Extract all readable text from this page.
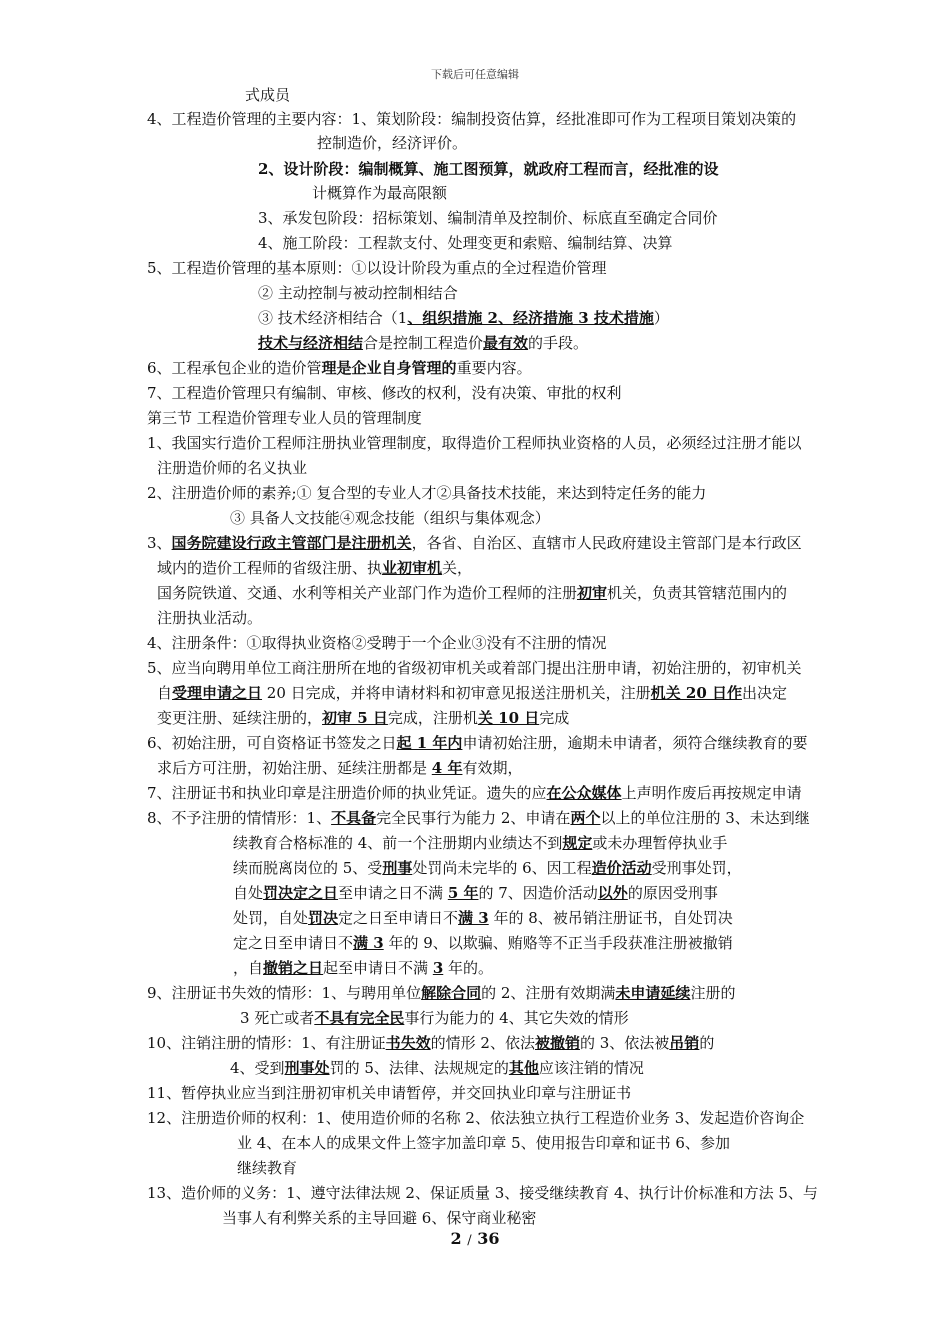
下载后可任意编辑
式成员
4、工程造价管理的主要内容：1、策划阶段：编制投资估算，经批准即可作为工程项目策划决策的
控制造价，经济评价。
2、设计阶段：编制概算、施工图预算，就政府工程而言，经批准的设
计概算作为最高限额
3、承发包阶段：招标策划、编制清单及控制价、标底直至确定合同价
4、施工阶段：工程款支付、处理变更和索赔、编制结算、决算
5、工程造价管理的基本原则：①以设计阶段为重点的全过程造价管理
② 主动控制与被动控制相结合
③ 技术经济相结合（1、组织措施 2、经济措施 3 技术措施）
技术与经济相结合是控制工程造价最有效的手段。
6、工程承包企业的造价管理是企业自身管理的重要内容。
7、工程造价管理只有编制、审核、修改的权利，没有决策、审批的权利
第三节 工程造价管理专业人员的管理制度
1、我国实行造价工程师注册执业管理制度，取得造价工程师执业资格的人员，必须经过注册才能以
注册造价师的名义执业
2、注册造价师的素养;① 复合型的专业人才②具备技术技能，来达到特定任务的能力
③ 具备人文技能④观念技能（组织与集体观念）
3、国务院建设行政主管部门是注册机关，各省、自治区、直辖市人民政府建设主管部门是本行政区
域内的造价工程师的省级注册、执业初审机关，
国务院铁道、交通、水利等相关产业部门作为造价工程师的注册初审机关，负责其管辖范围内的
注册执业活动。
4、注册条件：①取得执业资格②受聘于一个企业③没有不注册的情况
5、应当向聘用单位工商注册所在地的省级初审机关或着部门提出注册申请，初始注册的，初审机关
自受理申请之日 20 日完成，并将申请材料和初审意见报送注册机关，注册机关 20 日作出决定
变更注册、延续注册的，初审 5 日完成，注册机关 10 日完成
6、初始注册，可自资格证书签发之日起 1 年内申请初始注册，逾期未申请者，须符合继续教育的要
求后方可注册，初始注册、延续注册都是 4 年有效期，
7、注册证书和执业印章是注册造价师的执业凭证。遗失的应在公众媒体上声明作废后再按规定申请
8、不予注册的情情形：1、不具备完全民事行为能力 2、申请在两个以上的单位注册的 3、未达到继
续教育合格标准的 4、前一个注册期内业绩达不到规定或未办理暂停执业手
续而脱离岗位的 5、受刑事处罚尚未完毕的 6、因工程造价活动受刑事处罚，
自处罚决定之日至申请之日不满 5 年的 7、因造价活动以外的原因受刑事
处罚，自处罚决定之日至申请日不满 3 年的 8、被吊销注册证书，自处罚决
定之日至申请日不满 3 年的 9、以欺骗、贿赂等不正当手段获准注册被撤销
，自撤销之日起至申请日不满 3 年的。
9、注册证书失效的情形：1、与聘用单位解除合同的 2、注册有效期满未申请延续注册的
3 死亡或者不具有完全民事行为能力的 4、其它失效的情形
10、注销注册的情形：1、有注册证书失效的情形 2、依法被撤销的 3、依法被吊销的
4、受到刑事处罚的 5、法律、法规规定的其他应该注销的情况
11、暂停执业应当到注册初审机关申请暂停，并交回执业印章与注册证书
12、注册造价师的权利：1、使用造价师的名称 2、依法独立执行工程造价业务 3、发起造价咨询企
业 4、在本人的成果文件上签字加盖印章 5、使用报告印章和证书 6、参加
继续教育
13、造价师的义务：1、遵守法律法规 2、保证质量 3、接受继续教育 4、执行计价标准和方法 5、与
当事人有利弊关系的主导回避 6、保守商业秘密
2 / 36
